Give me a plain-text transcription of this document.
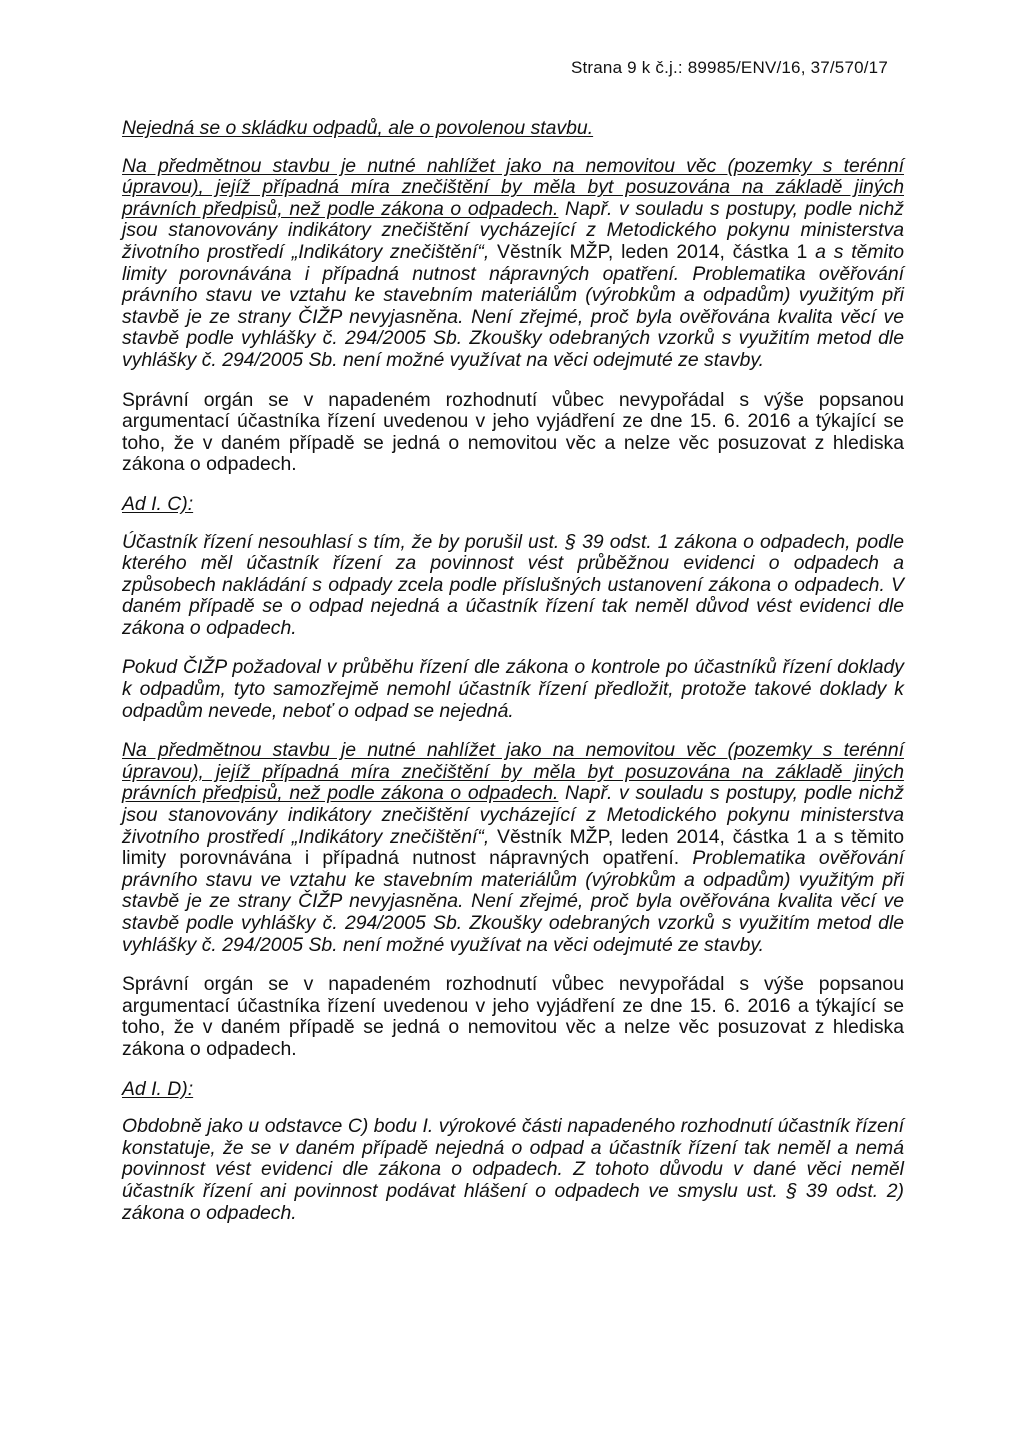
Strana 9 k č.j.: 89985/ENV/16, 37/570/17

Nejedná se o skládku odpadů, ale o povolenou stavbu.

Na předmětnou stavbu je nutné nahlížet jako na nemovitou věc (pozemky s terénní úpravou), jejíž případná míra znečištění by měla byt posuzována na základě jiných právních předpisů, než podle zákona o odpadech. Např. v souladu s postupy, podle nichž jsou stanovovány indikátory znečištění vycházející z Metodického pokynu ministerstva životního prostředí „Indikátory znečištění“, Věstník MŽP, leden 2014, částka 1 a s těmito limity porovnávána i případná nutnost nápravných opatření. Problematika ověřování právního stavu ve vztahu ke stavebním materiálům (výrobkům a odpadům) využitým při stavbě je ze strany ČIŽP nevyjasněna. Není zřejmé, proč byla ověřována kvalita věcí ve stavbě podle vyhlášky č. 294/2005 Sb. Zkoušky odebraných vzorků s využitím metod dle vyhlášky č. 294/2005 Sb. není možné využívat na věci odejmuté ze stavby.

Správní orgán se v napadeném rozhodnutí vůbec nevypořádal s výše popsanou argumentací účastníka řízení uvedenou v jeho vyjádření ze dne 15. 6. 2016 a týkající se toho, že v daném případě se jedná o nemovitou věc a nelze věc posuzovat z hlediska zákona o odpadech.

Ad I. C):

Účastník řízení nesouhlasí s tím, že by porušil ust. § 39 odst. 1 zákona o odpadech, podle kterého měl účastník řízení za povinnost vést průběžnou evidenci o odpadech a způsobech nakládání s odpady zcela podle příslušných ustanovení zákona o odpadech. V daném případě se o odpad nejedná a účastník řízení tak neměl důvod vést evidenci dle zákona o odpadech.

Pokud ČIŽP požadoval v průběhu řízení dle zákona o kontrole po účastníků řízení doklady k odpadům, tyto samozřejmě nemohl účastník řízení předložit, protože takové doklady k odpadům nevede, neboť o odpad se nejedná.

Na předmětnou stavbu je nutné nahlížet jako na nemovitou věc (pozemky s terénní úpravou), jejíž případná míra znečištění by měla byt posuzována na základě jiných právních předpisů, než podle zákona o odpadech. Např. v souladu s postupy, podle nichž jsou stanovovány indikátory znečištění vycházející z Metodického pokynu ministerstva životního prostředí „Indikátory znečištění“, Věstník MŽP, leden 2014, částka 1 a s těmito limity porovnávána i případná nutnost nápravných opatření. Problematika ověřování právního stavu ve vztahu ke stavebním materiálům (výrobkům a odpadům) využitým při stavbě je ze strany ČIŽP nevyjasněna. Není zřejmé, proč byla ověřována kvalita věcí ve stavbě podle vyhlášky č. 294/2005 Sb. Zkoušky odebraných vzorků s využitím metod dle vyhlášky č. 294/2005 Sb. není možné využívat na věci odejmuté ze stavby.

Správní orgán se v napadeném rozhodnutí vůbec nevypořádal s výše popsanou argumentací účastníka řízení uvedenou v jeho vyjádření ze dne 15. 6. 2016 a týkající se toho, že v daném případě se jedná o nemovitou věc a nelze věc posuzovat z hlediska zákona o odpadech.

Ad I. D):

Obdobně jako u odstavce C) bodu I. výrokové části napadeného rozhodnutí účastník řízení konstatuje, že se v daném případě nejedná o odpad a účastník řízení tak neměl a nemá povinnost vést evidenci dle zákona o odpadech. Z tohoto důvodu v dané věci neměl účastník řízení ani povinnost podávat hlášení o odpadech ve smyslu ust. § 39 odst. 2) zákona o odpadech.
